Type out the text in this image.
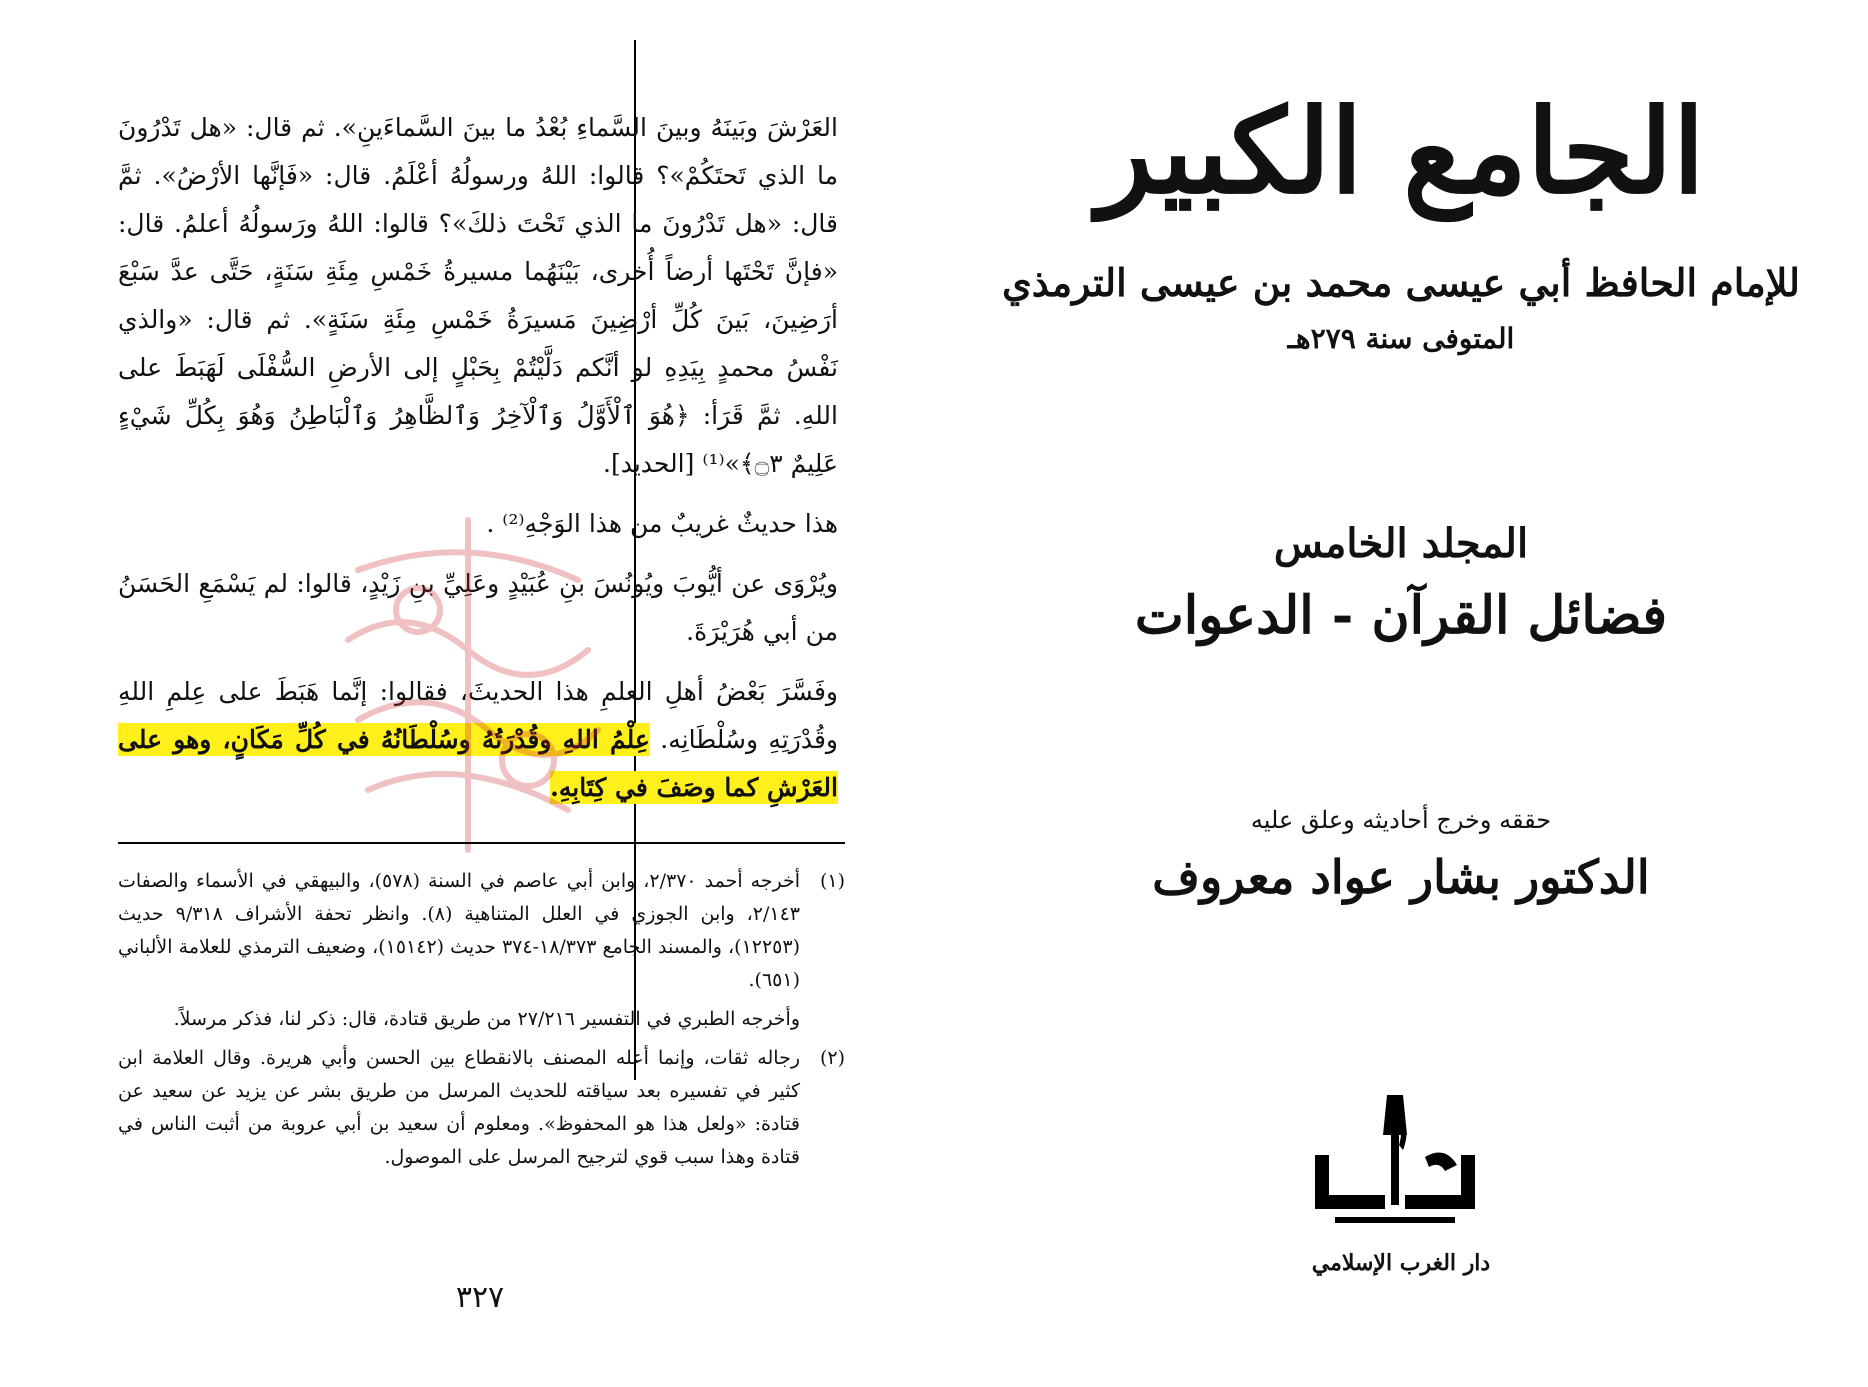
العَرْشَ وبَينَهُ وبينَ السَّماءِ بُعْدُ ما بينَ السَّماءَينِ». ثم قال: «هل تَدْرُونَ ما الذي تَحتَكُمْ»؟ قالوا: اللهُ ورسولُهُ أعْلَمُ. قال: «فَإنَّها الأرْضُ». ثمَّ قال: «هل تَدْرُونَ ما الذي تَحْتَ ذلكَ»؟ قالوا: اللهُ ورَسولُهُ أعلمُ. قال: «فإنَّ تَحْتَها أرضاً أُخرى، بَيْنَهُما مسيرةُ خَمْسِ مِئَةِ سَنَةٍ، حَتَّى عدَّ سَبْعَ أرَضِينَ، بَينَ كُلِّ أرْضِينَ مَسيرَةُ خَمْسِ مِئَةِ سَنَةٍ». ثم قال: «والذي نَفْسُ محمدٍ بِيَدِهِ لو أنَّكم دَلَّيْتُمْ بِحَبْلٍ إلى الأرضِ السُّفْلَى لَهَبَطَ على اللهِ. ثمَّ قَرَأ: ﴿هُوَ ٱلْأَوَّلُ وَٱلْآخِرُ وَٱلظَّاهِرُ وَٱلْبَاطِنُ وَهُوَ بِكُلِّ شَيْءٍ عَلِيمٌ ۝٣﴾»⁽¹⁾ [الحديد].

هذا حديثٌ غريبٌ من هذا الوَجْهِ⁽²⁾ .

ويُرْوَى عن أيُّوبَ ويُونُسَ بنِ عُبَيْدٍ وعَلِيِّ بنِ زَيْدٍ، قالوا: لم يَسْمَعِ الحَسَنُ من أبي هُرَيْرَةَ.

وفَسَّرَ بَعْضُ أهلِ العلمِ هذا الحديثَ، فقالوا: إنَّما هَبَطَ على عِلمِ اللهِ وقُدْرَتِهِ وسُلْطَانِه. عِلْمُ اللهِ وقُدْرَتُهُ وسُلْطَانُهُ في كُلِّ مَكَانٍ، وهو على العَرْشِ كما وصَفَ في كِتَابِهِ.

(١)
أخرجه أحمد ٢/٣٧٠، وابن أبي عاصم في السنة (٥٧٨)، والبيهقي في الأسماء والصفات ٢/١٤٣، وابن الجوزي في العلل المتناهية (٨). وانظر تحفة الأشراف ٩/٣١٨ حديث (١٢٢٥٣)، والمسند الجامع ١٨/٣٧٣-٣٧٤ حديث (١٥١٤٢)، وضعيف الترمذي للعلامة الألباني (٦٥١).
وأخرجه الطبري في التفسير ٢٧/٢١٦ من طريق قتادة، قال: ذكر لنا، فذكر مرسلاً.
(٢)
رجاله ثقات، وإنما أعله المصنف بالانقطاع بين الحسن وأبي هريرة. وقال العلامة ابن كثير في تفسيره بعد سياقته للحديث المرسل من طريق بشر عن يزيد عن سعيد عن قتادة: «ولعل هذا هو المحفوظ». ومعلوم أن سعيد بن أبي عروبة من أثبت الناس في قتادة وهذا سبب قوي لترجيح المرسل على الموصول.
٣٢٧
الجامع الكبير
للإمام الحافظ أبي عيسى محمد بن عيسى الترمذي
المتوفى سنة ٢٧٩هـ
المجلد الخامس
فضائل القرآن - الدعوات
حققه وخرج أحاديثه وعلق عليه
الدكتور بشار عواد معروف
دار الغرب الإسلامي
